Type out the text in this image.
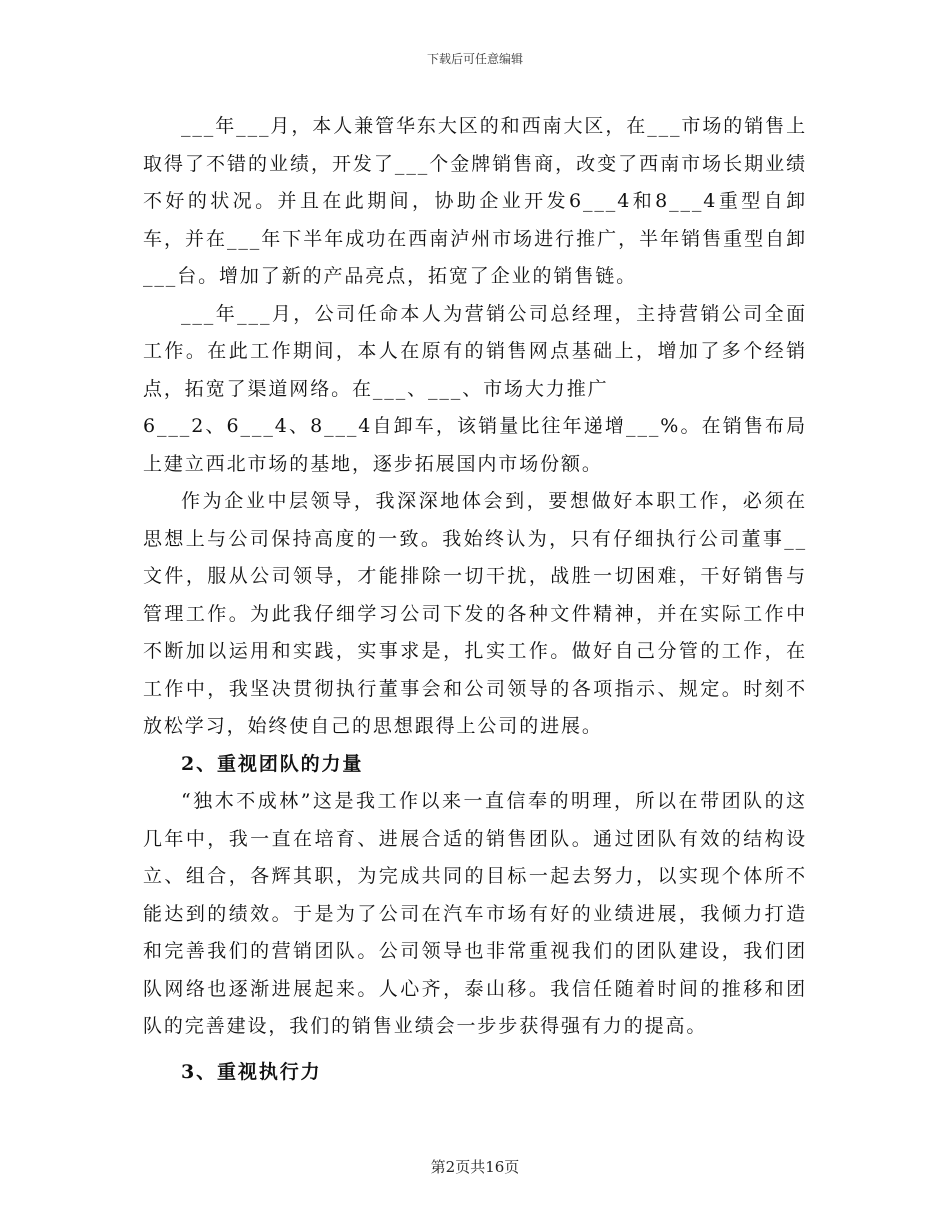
下载后可任意编辑

___年___月，本人兼管华东大区的和西南大区，在___市场的销售上取得了不错的业绩，开发了___个金牌销售商，改变了西南市场长期业绩不好的状况。并且在此期间，协助企业开发6___4和8___4重型自卸车，并在___年下半年成功在西南泸州市场进行推广，半年销售重型自卸___台。增加了新的产品亮点，拓宽了企业的销售链。

___年___月，公司任命本人为营销公司总经理，主持营销公司全面工作。在此工作期间，本人在原有的销售网点基础上，增加了多个经销点，拓宽了渠道网络。在___、___、市场大力推广

6___2、6___4、8___4自卸车，该销量比往年递增___%。在销售布局上建立西北市场的基地，逐步拓展国内市场份额。

作为企业中层领导，我深深地体会到，要想做好本职工作，必须在思想上与公司保持高度的一致。我始终认为，只有仔细执行公司董事__文件，服从公司领导，才能排除一切干扰，战胜一切困难，干好销售与管理工作。为此我仔细学习公司下发的各种文件精神，并在实际工作中不断加以运用和实践，实事求是，扎实工作。做好自己分管的工作，在工作中，我坚决贯彻执行董事会和公司领导的各项指示、规定。时刻不放松学习，始终使自己的思想跟得上公司的进展。

2、重视团队的力量

“独木不成林”这是我工作以来一直信奉的明理，所以在带团队的这几年中，我一直在培育、进展合适的销售团队。通过团队有效的结构设立、组合，各辉其职，为完成共同的目标一起去努力，以实现个体所不能达到的绩效。于是为了公司在汽车市场有好的业绩进展，我倾力打造和完善我们的营销团队。公司领导也非常重视我们的团队建设，我们团队网络也逐渐进展起来。人心齐，泰山移。我信任随着时间的推移和团队的完善建设，我们的销售业绩会一步步获得强有力的提高。

3、重视执行力

第2页共16页
